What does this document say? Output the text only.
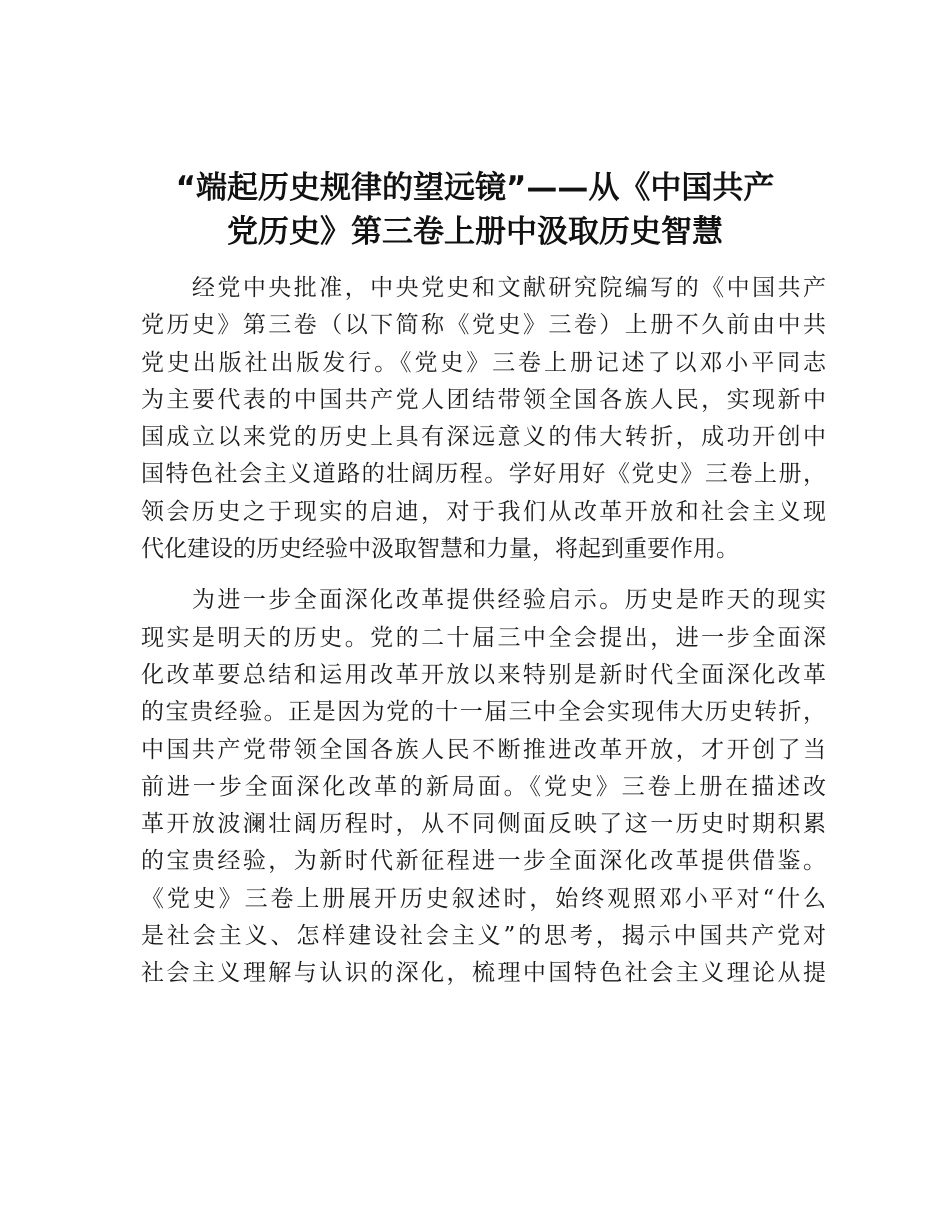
“端起历史规律的望远镜”——从《中国共产
党历史》第三卷上册中汲取历史智慧
　　经党中央批准，中央党史和文献研究院编写的《中国共产
党历史》第三卷（以下简称《党史》三卷）上册不久前由中共
党史出版社出版发行。《党史》三卷上册记述了以邓小平同志
为主要代表的中国共产党人团结带领全国各族人民，实现新中
国成立以来党的历史上具有深远意义的伟大转折，成功开创中
国特色社会主义道路的壮阔历程。学好用好《党史》三卷上册，
领会历史之于现实的启迪，对于我们从改革开放和社会主义现
代化建设的历史经验中汲取智慧和力量，将起到重要作用。
　　为进一步全面深化改革提供经验启示。历史是昨天的现实
现实是明天的历史。党的二十届三中全会提出，进一步全面深
化改革要总结和运用改革开放以来特别是新时代全面深化改革
的宝贵经验。正是因为党的十一届三中全会实现伟大历史转折，
中国共产党带领全国各族人民不断推进改革开放，才开创了当
前进一步全面深化改革的新局面。《党史》三卷上册在描述改
革开放波澜壮阔历程时，从不同侧面反映了这一历史时期积累
的宝贵经验，为新时代新征程进一步全面深化改革提供借鉴。
《党史》三卷上册展开历史叙述时，始终观照邓小平对“什么
是社会主义、怎样建设社会主义”的思考，揭示中国共产党对
社会主义理解与认识的深化，梳理中国特色社会主义理论从提
